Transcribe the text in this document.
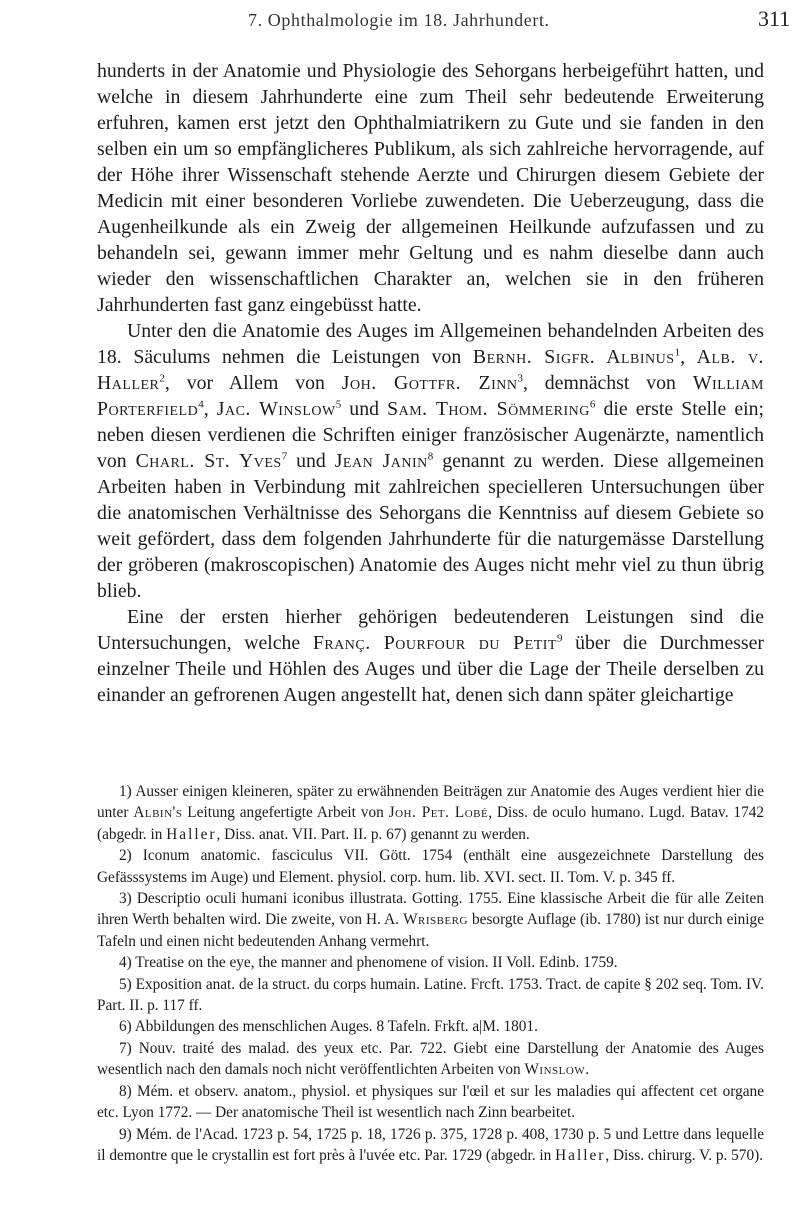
7. Ophthalmologie im 18. Jahrhundert.	311

hunderts in der Anatomie und Physiologie des Sehorgans herbeigeführt hatten, und welche in diesem Jahrhunderte eine zum Theil sehr bedeutende Erweiterung erfuhren, kamen erst jetzt den Ophthalmiatrikern zu Gute und sie fanden in den selben ein um so empfänglicheres Publikum, als sich zahlreiche hervorragende, auf der Höhe ihrer Wissenschaft stehende Aerzte und Chirurgen diesem Gebiete der Medicin mit einer besonderen Vorliebe zuwendeten. Die Ueberzeugung, dass die Augenheilkunde als ein Zweig der allgemeinen Heilkunde aufzufassen und zu behandeln sei, gewann immer mehr Geltung und es nahm dieselbe dann auch wieder den wissenschaftlichen Charakter an, welchen sie in den früheren Jahrhunderten fast ganz eingebüsst hatte.

Unter den die Anatomie des Auges im Allgemeinen behandelnden Arbeiten des 18. Säculums nehmen die Leistungen von Bernh. Sigfr. Albinus$^1$, Alb. v. Haller$^2$, vor Allem von Joh. Gottfr. Zinn$^3$, demnächst von William Porterfield$^4$, Jac. Winslow$^5$ und Sam. Thom. Sömmering$^6$ die erste Stelle ein; neben diesen verdienen die Schriften einiger französischer Augenärzte, namentlich von Charl. St. Yves$^7$ und Jean Janin$^8$ genannt zu werden. Diese allgemeinen Arbeiten haben in Verbindung mit zahlreichen specielleren Untersuchungen über die anatomischen Verhältnisse des Sehorgans die Kenntniss auf diesem Gebiete so weit gefördert, dass dem folgenden Jahrhunderte für die naturgemässe Darstellung der gröberen (makroscopischen) Anatomie des Auges nicht mehr viel zu thun übrig blieb.

Eine der ersten hierher gehörigen bedeutenderen Leistungen sind die Untersuchungen, welche Franç. Pourfour du Petit$^9$ über die Durchmesser einzelner Theile und Höhlen des Auges und über die Lage der Theile derselben zu einander an gefrorenen Augen angestellt hat, denen sich dann später gleichartige

1) Ausser einigen kleineren, später zu erwähnenden Beiträgen zur Anatomie des Auges verdient hier die unter Albin's Leitung angefertigte Arbeit von Joh. Pet. Lobé, Diss. de oculo humano. Lugd. Batav. 1742 (abgedr. in Haller, Diss. anat. VII. Part. II. p. 67) genannt zu werden.

2) Iconum anatomic. fasciculus VII. Gött. 1754 (enthält eine ausgezeichnete Darstellung des Gefässsystems im Auge) und Element. physiol. corp. hum. lib. XVI. sect. II. Tom. V. p. 345 ff.

3) Descriptio oculi humani iconibus illustrata. Gotting. 1755. Eine klassische Arbeit die für alle Zeiten ihren Werth behalten wird. Die zweite, von H. A. Wrisberg besorgte Auflage (ib. 1780) ist nur durch einige Tafeln und einen nicht bedeutenden Anhang vermehrt.

4) Treatise on the eye, the manner and phenomene of vision. II Voll. Edinb. 1759.

5) Exposition anat. de la struct. du corps humain. Latine. Frcft. 1753. Tract. de capite § 202 seq. Tom. IV. Part. II. p. 117 ff.

6) Abbildungen des menschlichen Auges. 8 Tafeln. Frkft. a|M. 1801.

7) Nouv. traité des malad. des yeux etc. Par. 722. Giebt eine Darstellung der Anatomie des Auges wesentlich nach den damals noch nicht veröffentlichten Arbeiten von Winslow.

8) Mém. et observ. anatom., physiol. et physiques sur l'œil et sur les maladies qui affectent cet organe etc. Lyon 1772. — Der anatomische Theil ist wesentlich nach Zinn bearbeitet.

9) Mém. de l'Acad. 1723 p. 54, 1725 p. 18, 1726 p. 375, 1728 p. 408, 1730 p. 5 und Lettre dans lequelle il demontre que le crystallin est fort près à l'uvée etc. Par. 1729 (abgedr. in Haller, Diss. chirurg. V. p. 570).
